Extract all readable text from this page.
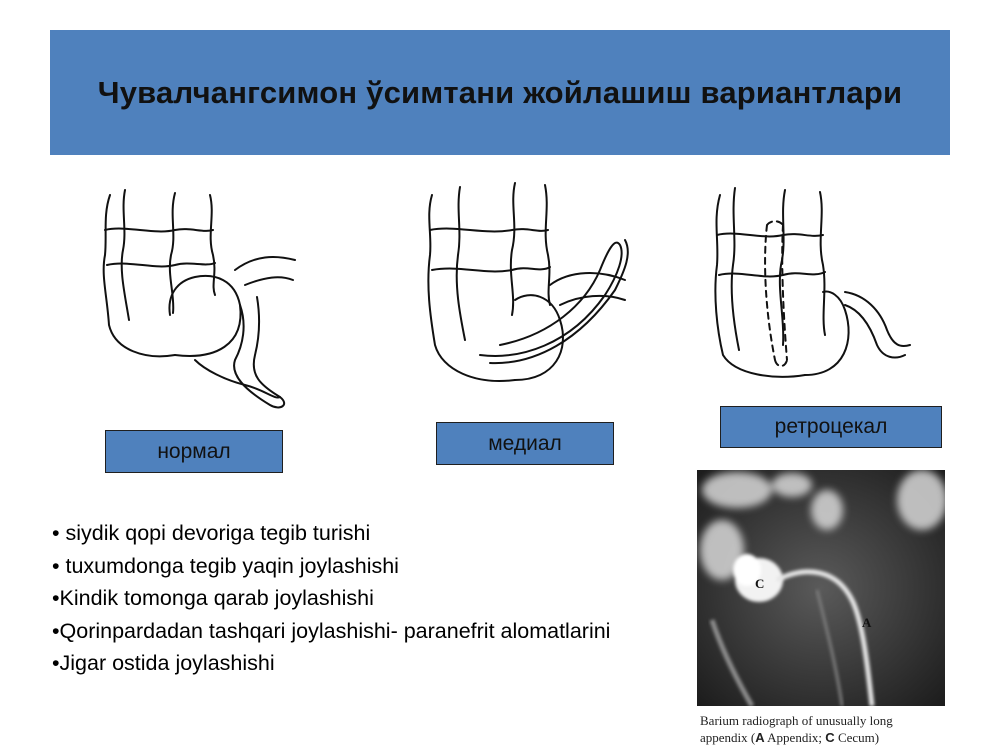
Чувалчангсимон ўсимтани жойлашиш вариантлари
нормал	медиал
ретроцекал
• siydik qopi devoriga tegib turishi
• tuxumdonga tegib yaqin joylashishi
•Kindik tomonga qarab joylashishi
•Qorinpardadan tashqari joylashishi- paranefrit alomatlarini
•Jigar ostida joylashishi
C
A
Barium radiograph of unusually long
appendix (A Appendix; C Cecum)
